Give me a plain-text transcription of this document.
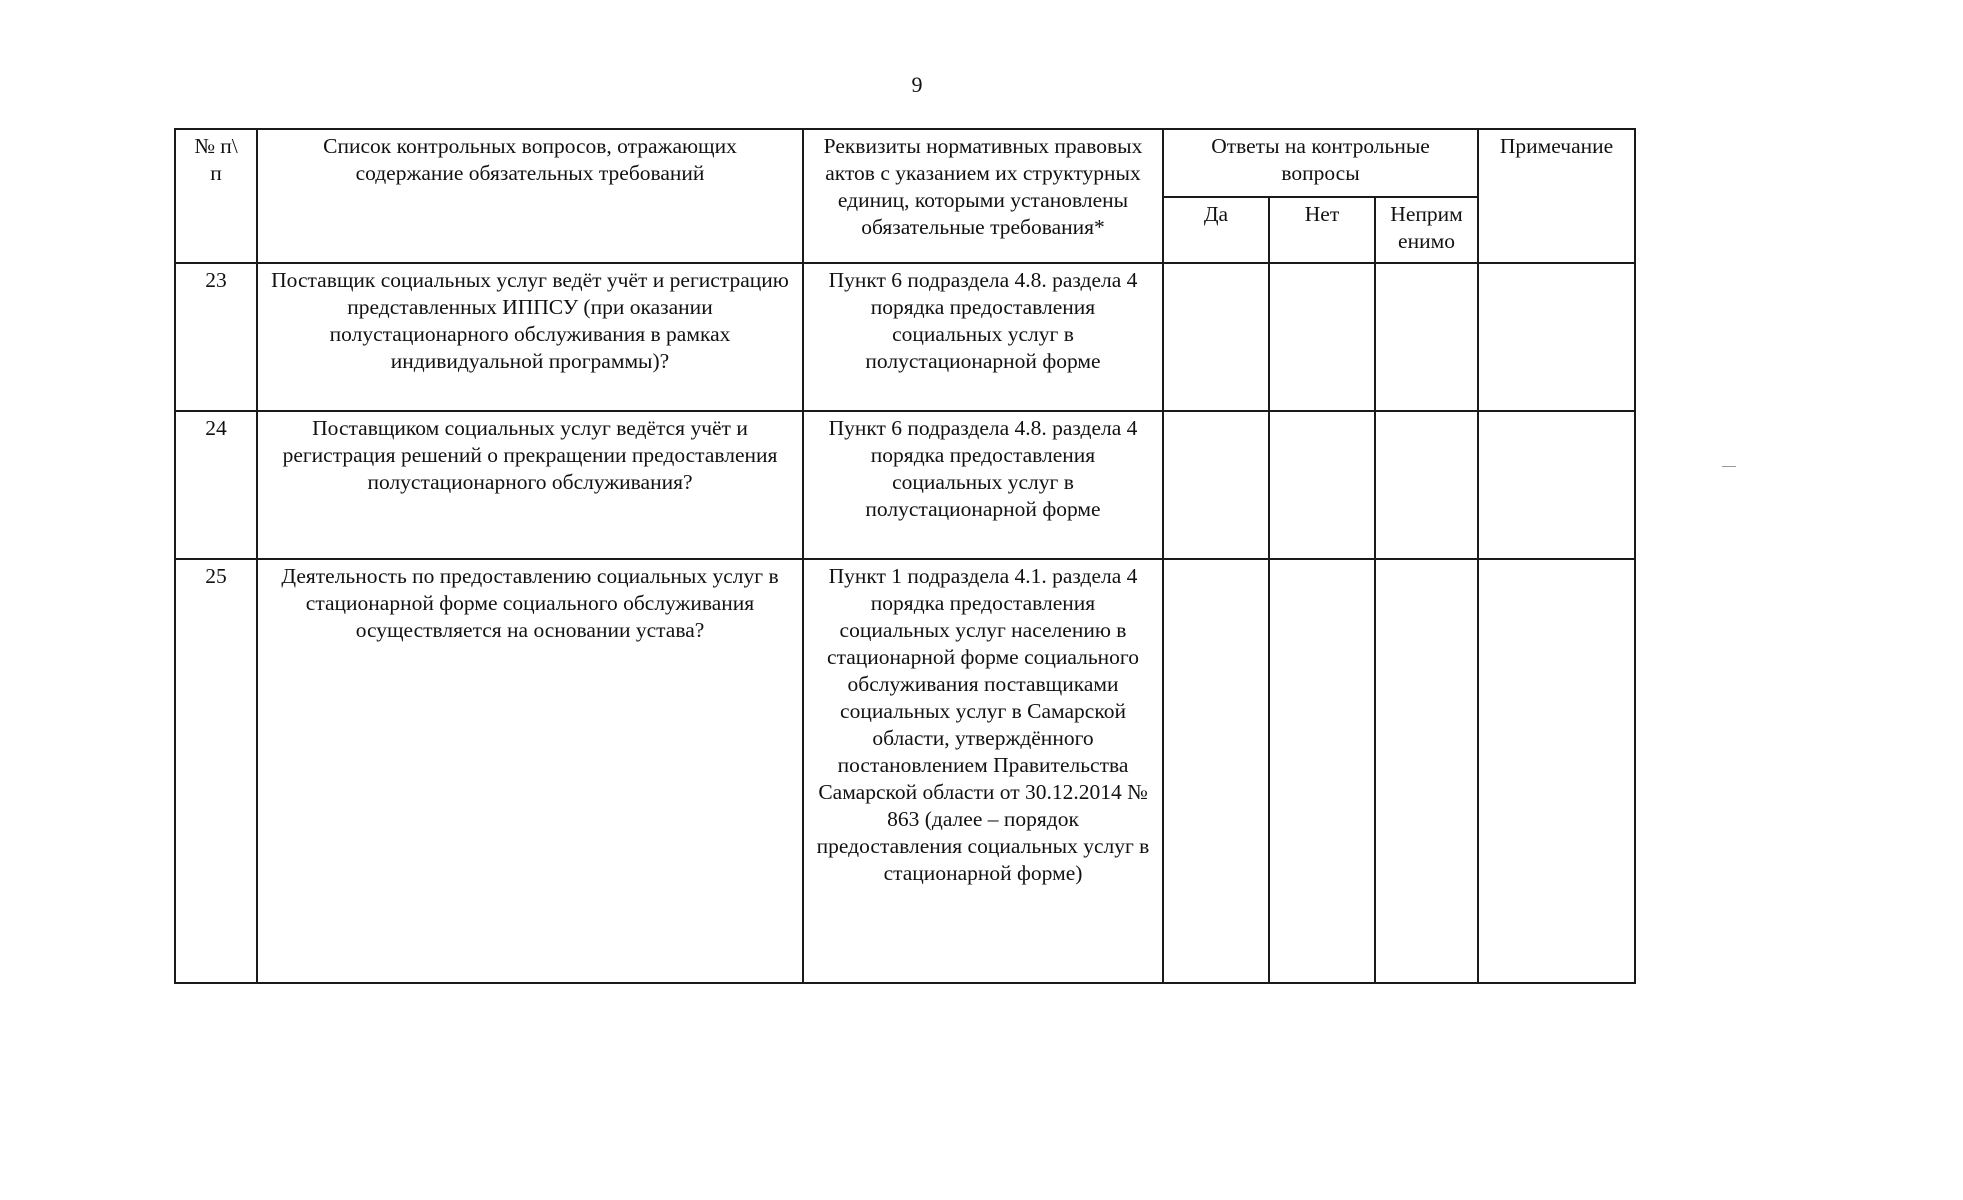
9
№ п\ п	Список контрольных вопросов, отражающих содержание обязательных требований	Реквизиты нормативных правовых актов с указанием их структурных единиц, которыми установлены обязательные требования*	Ответы на контрольные вопросы			Примечание
			Да	Нет	Неприм енимо	
23	Поставщик социальных услуг ведёт учёт и регистрацию представленных ИППСУ (при оказании полустационарного обслуживания в рамках индивидуальной программы)?	Пункт 6 подраздела 4.8. раздела 4 порядка предоставления социальных услуг в полустационарной форме				
24	Поставщиком социальных услуг ведётся учёт и регистрация решений о прекращении предоставления полустационарного обслуживания?	Пункт 6 подраздела 4.8. раздела 4 порядка предоставления социальных услуг в полустационарной форме				
25	Деятельность по предоставлению социальных услуг в стационарной форме социального обслуживания осуществляется на основании устава?	Пункт 1 подраздела 4.1. раздела 4 порядка предоставления социальных услуг населению в стационарной форме социального обслуживания поставщиками социальных услуг в Самарской области, утверждённого постановлением Правительства Самарской области от 30.12.2014 № 863 (далее – порядок предоставления социальных услуг в стационарной форме)				
